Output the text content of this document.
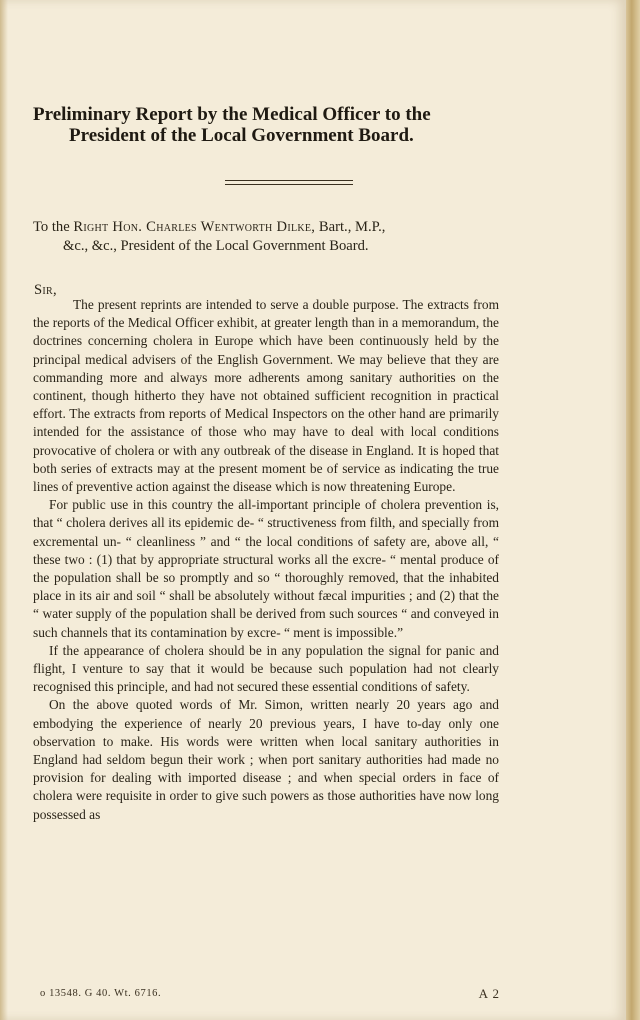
Preliminary Report by the Medical Officer to the
President of the Local Government Board.
To the Right Hon. Charles Wentworth Dilke, Bart., M.P.,
&c., &c., President of the Local Government Board.
Sir,

The present reprints are intended to serve a double purpose. The extracts from the reports of the Medical Officer exhibit, at greater length than in a memorandum, the doctrines concerning cholera in Europe which have been continuously held by the principal medical advisers of the English Government. We may believe that they are commanding more and always more adherents among sanitary authorities on the continent, though hitherto they have not obtained sufficient recognition in practical effort. The extracts from reports of Medical Inspectors on the other hand are primarily intended for the assistance of those who may have to deal with local conditions provocative of cholera or with any outbreak of the disease in England. It is hoped that both series of extracts may at the present moment be of service as indicating the true lines of preventive action against the disease which is now threatening Europe.

For public use in this country the all-important principle of cholera prevention is, that “ cholera derives all its epidemic de- “ structiveness from filth, and specially from excremental un- “ cleanliness ” and “ the local conditions of safety are, above all, “ these two : (1) that by appropriate structural works all the excre- “ mental produce of the population shall be so promptly and so “ thoroughly removed, that the inhabited place in its air and soil “ shall be absolutely without fæcal impurities ; and (2) that the “ water supply of the population shall be derived from such sources “ and conveyed in such channels that its contamination by excre- “ ment is impossible.”

If the appearance of cholera should be in any population the signal for panic and flight, I venture to say that it would be because such population had not clearly recognised this principle, and had not secured these essential conditions of safety.

On the above quoted words of Mr. Simon, written nearly 20 years ago and embodying the experience of nearly 20 previous years, I have to-day only one observation to make. His words were written when local sanitary authorities in England had seldom begun their work ; when port sanitary authorities had made no provision for dealing with imported disease ; and when special orders in face of cholera were requisite in order to give such powers as those authorities have now long possessed as

o 13548. G 40. Wt. 6716.	A 2
